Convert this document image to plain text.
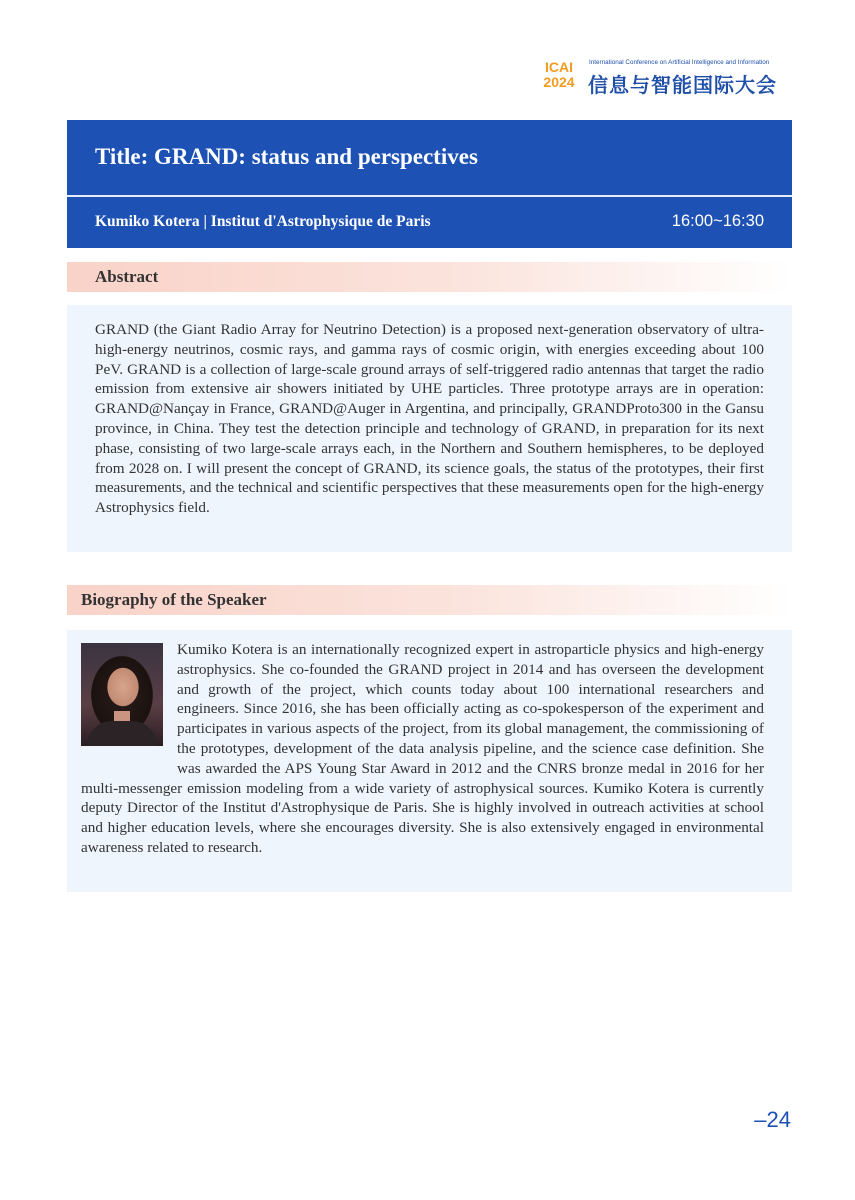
ICAI
2024
International Conference on Artificial Intelligence and Information
信息与智能国际大会
Title: GRAND: status and perspectives
Kumiko Kotera | Institut d'Astrophysique de Paris	16:00~16:30
Abstract

GRAND (the Giant Radio Array for Neutrino Detection) is a proposed next-generation observatory of ultra-high-energy neutrinos, cosmic rays, and gamma rays of cosmic origin, with energies exceeding about 100 PeV. GRAND is a collection of large-scale ground arrays of self-triggered radio antennas that target the radio emission from extensive air showers initiated by UHE particles. Three prototype arrays are in operation: GRAND@Nançay in France, GRAND@Auger in Argentina, and principally, GRANDProto300 in the Gansu province, in China. They test the detection principle and technology of GRAND, in preparation for its next phase, consisting of two large-scale arrays each, in the Northern and Southern hemispheres, to be deployed from 2028 on. I will present the concept of GRAND, its science goals, the status of the prototypes, their first measurements, and the technical and scientific perspectives that these measurements open for the high-energy Astrophysics field.

Biography of the Speaker
Kumiko Kotera is an internationally recognized expert in astroparticle physics and high-energy astrophysics. She co-founded the GRAND project in 2014 and has overseen the development and growth of the project, which counts today about 100 international researchers and engineers. Since 2016, she has been officially acting as co-spokesperson of the experiment and participates in various aspects of the project, from its global management, the commissioning of the prototypes, development of the data analysis pipeline, and the science case definition. She was awarded the APS Young Star Award in 2012 and the CNRS bronze medal in 2016 for her multi-messenger emission modeling from a wide variety of astrophysical sources. Kumiko Kotera is currently deputy Director of the Institut d'Astrophysique de Paris. She is highly involved in outreach activities at school and higher education levels, where she encourages diversity. She is also extensively engaged in environmental awareness related to research.
–24
